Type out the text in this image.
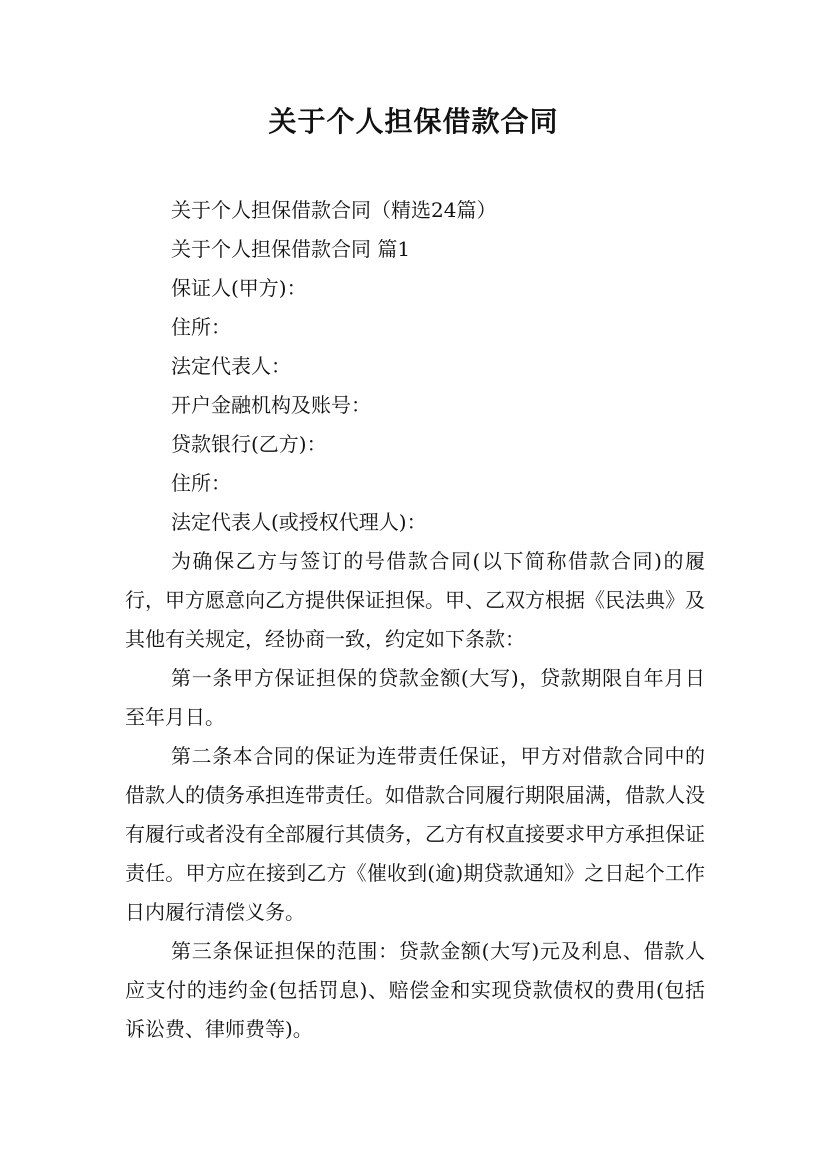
关于个人担保借款合同
关于个人担保借款合同（精选24篇）
关于个人担保借款合同 篇1
保证人(甲方)：
住所：
法定代表人：
开户金融机构及账号：
贷款银行(乙方)：
住所：
法定代表人(或授权代理人)：

为确保乙方与签订的号借款合同(以下简称借款合同)的履行，甲方愿意向乙方提供保证担保。甲、乙双方根据《民法典》及其他有关规定，经协商一致，约定如下条款：

第一条甲方保证担保的贷款金额(大写)，贷款期限自年月日至年月日。

第二条本合同的保证为连带责任保证，甲方对借款合同中的借款人的债务承担连带责任。如借款合同履行期限届满，借款人没有履行或者没有全部履行其债务，乙方有权直接要求甲方承担保证责任。甲方应在接到乙方《催收到(逾)期贷款通知》之日起个工作日内履行清偿义务。

第三条保证担保的范围：贷款金额(大写)元及利息、借款人应支付的违约金(包括罚息)、赔偿金和实现贷款债权的费用(包括诉讼费、律师费等)。
